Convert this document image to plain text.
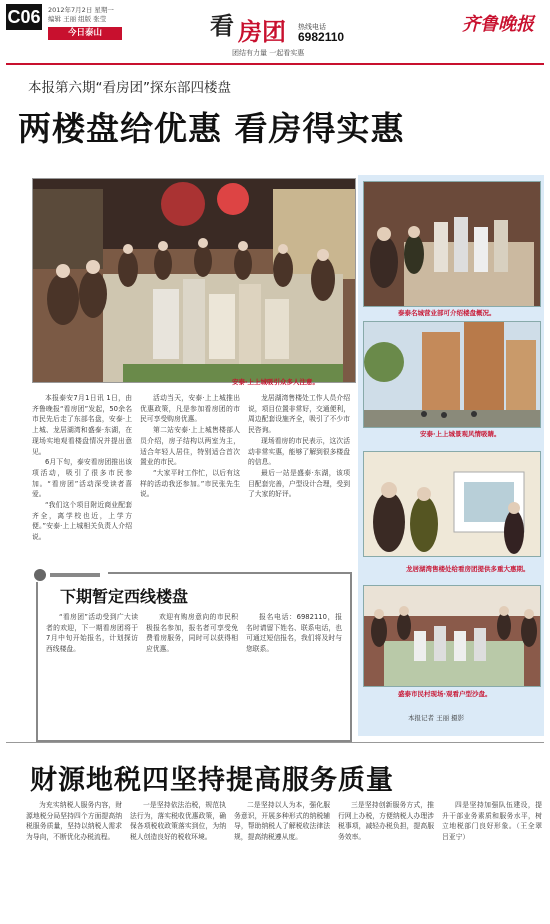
C06 2012年7月2日 星期一
编辑 王丽 组版 张莹
今日泰山	看 房团 热线电话
6982110
团结有力量 一起看实惠
齐鲁晚报
本报第六期“看房团”探东部四楼盘
两楼盘给优惠 看房得实惠
安泰·上上城吸引众多人注意。
泰泰名城营业部可介绍楼盘概况。
安泰·上上城景观风情吸睛。
龙居湖湾售楼处给看房团提供多重大惠期。
盛泰市民村现场·观看户型沙盘。
本报记者 王丽 摄影

本报泰安7月1日讯 1日，由齐鲁晚报“看房团”发起，50余名市民先后走了东部名盘，安泰·上上城、龙居湖湾和盛泰·东湖，在现场实地观看楼盘情况并提出意见。

6月下旬，泰安看房团推出该项活动，吸引了很多市民参加。“看房团”活动深受读者喜爱。

“我们这个项目附近商业配套齐全，离学校也近，上学方便。”安泰·上上城相关负责人介绍说。

活动当天，安泰·上上城推出优惠政策，凡是参加看房团的市民可享受购房优惠。

第二站安泰·上上城售楼部人员介绍，房子结构以两室为主，适合年轻人居住，特别适合首次置业的市民。

“大家平时工作忙，以后有这样的活动我还参加。”市民张先生说。

龙居湖湾售楼处工作人员介绍说，项目位置非常好，交通便利，周边配套设施齐全，吸引了不少市民咨询。

现场看房的市民表示，这次活动非常实惠，能够了解到很多楼盘的信息。

最后一站是盛泰·东湖，该项目配套完善，户型设计合理，受到了大家的好评。

下期暂定西线楼盘

“看房团”活动受到广大读者的欢迎，下一期看房团将于7月中旬开始报名，计划探访西线楼盘。

欢迎有购房意向的市民积极报名参加，报名者可享受免费看房服务，同时可以获得相应优惠。

报名电话：6982110，报名时请留下姓名、联系电话，也可通过短信报名，我们将及时与您联系。

财源地税四坚持提高服务质量

为充实纳税人服务内容，财源地税分局坚持四个方面提高纳税服务质量，坚持以纳税人需求为导向，不断优化办税流程。

一是坚持依法治税，规范执法行为，落实税收优惠政策，确保各项税收政策落实到位，为纳税人创造良好的税收环境。

二是坚持以人为本，强化服务意识，开展多种形式的纳税辅导，帮助纳税人了解税收法律法规，提高纳税遵从度。

三是坚持创新服务方式，推行网上办税，方便纳税人办理涉税事项，减轻办税负担，提高服务效率。

四是坚持加强队伍建设，提升干部业务素质和服务水平，树立地税部门良好形象。（王全翠 吕亚宁）
